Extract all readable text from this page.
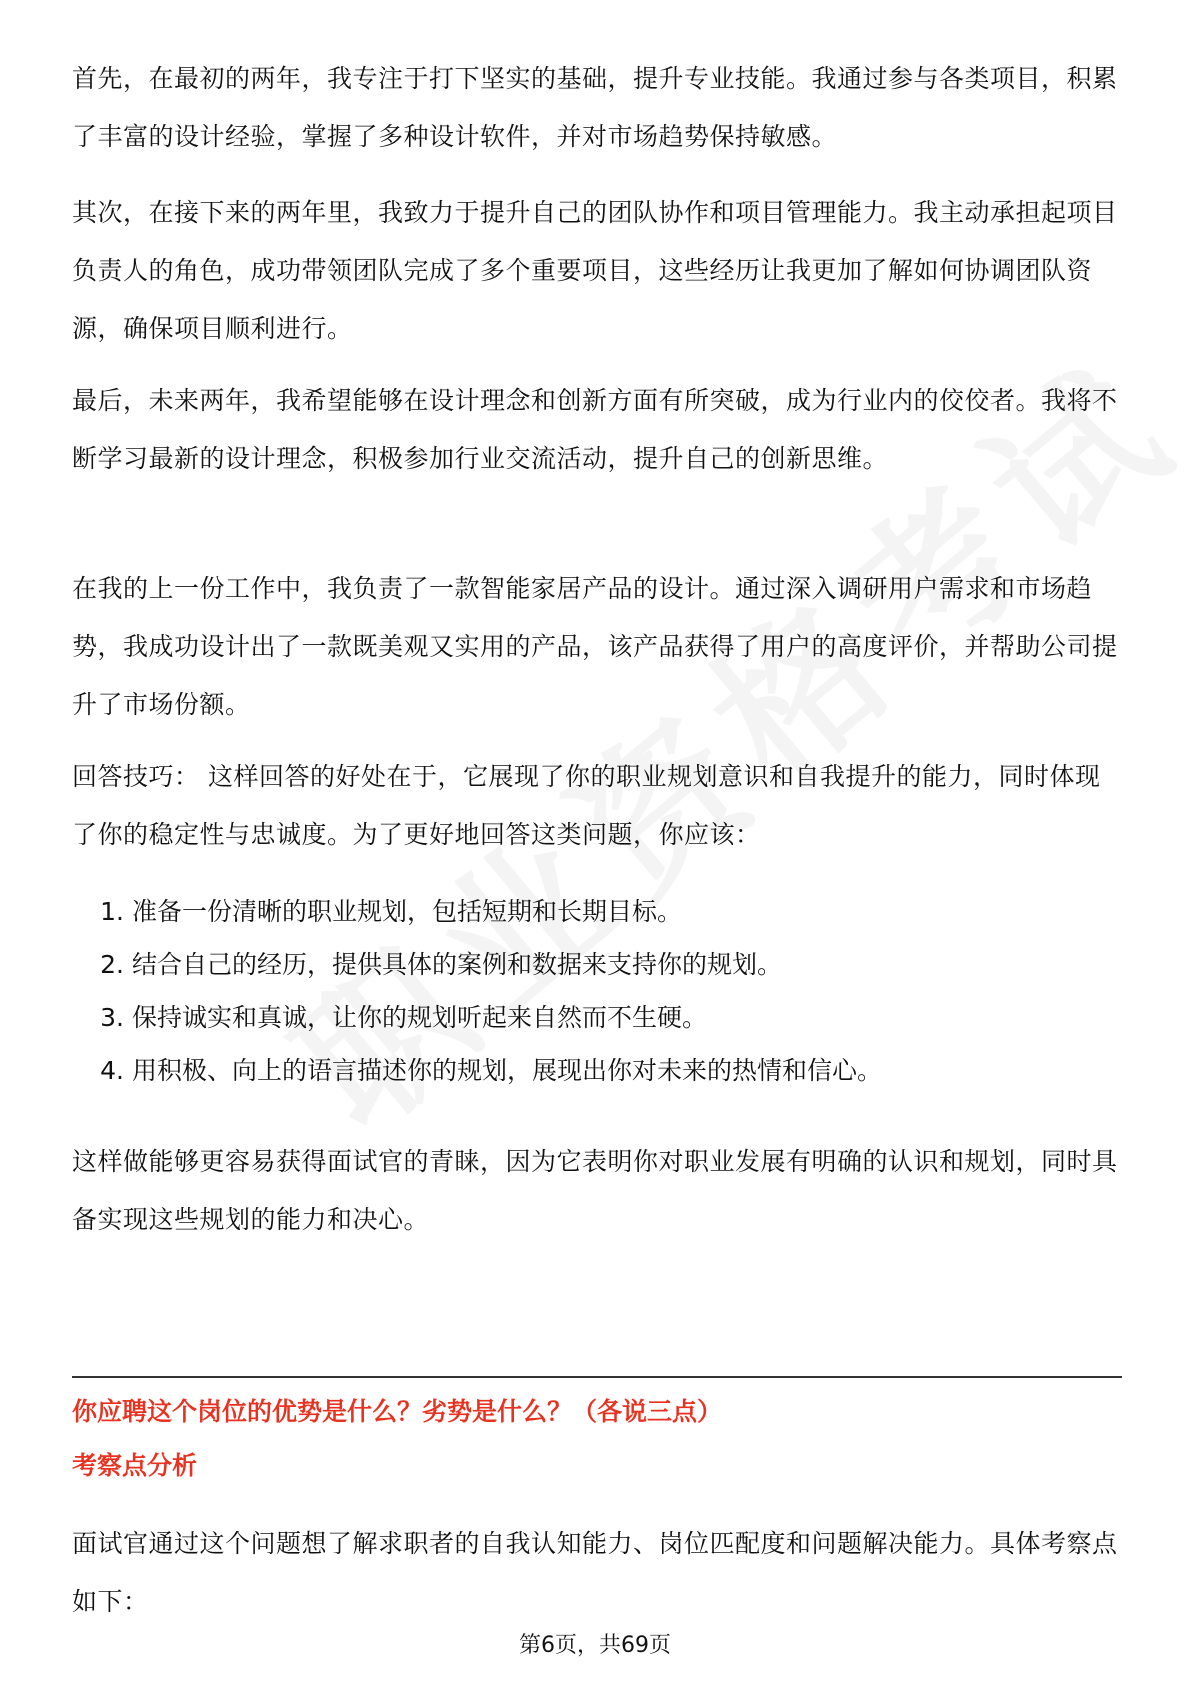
首先，在最初的两年，我专注于打下坚实的基础，提升专业技能。我通过参与各类项目，积累了丰富的设计经验，掌握了多种设计软件，并对市场趋势保持敏感。

其次，在接下来的两年里，我致力于提升自己的团队协作和项目管理能力。我主动承担起项目负责人的角色，成功带领团队完成了多个重要项目，这些经历让我更加了解如何协调团队资源，确保项目顺利进行。

最后，未来两年，我希望能够在设计理念和创新方面有所突破，成为行业内的佼佼者。我将不断学习最新的设计理念，积极参加行业交流活动，提升自己的创新思维。

在我的上一份工作中，我负责了一款智能家居产品的设计。通过深入调研用户需求和市场趋势，我成功设计出了一款既美观又实用的产品，该产品获得了用户的高度评价，并帮助公司提升了市场份额。

回答技巧： 这样回答的好处在于，它展现了你的职业规划意识和自我提升的能力，同时体现了你的稳定性与忠诚度。为了更好地回答这类问题，你应该：

1. 准备一份清晰的职业规划，包括短期和长期目标。
2. 结合自己的经历，提供具体的案例和数据来支持你的规划。
3. 保持诚实和真诚，让你的规划听起来自然而不生硬。
4. 用积极、向上的语言描述你的规划，展现出你对未来的热情和信心。

这样做能够更容易获得面试官的青睐，因为它表明你对职业发展有明确的认识和规划，同时具备实现这些规划的能力和决心。

你应聘这个岗位的优势是什么？劣势是什么？（各说三点）
考察点分析

面试官通过这个问题想了解求职者的自我认知能力、岗位匹配度和问题解决能力。具体考察点如下：

第6页，共69页
